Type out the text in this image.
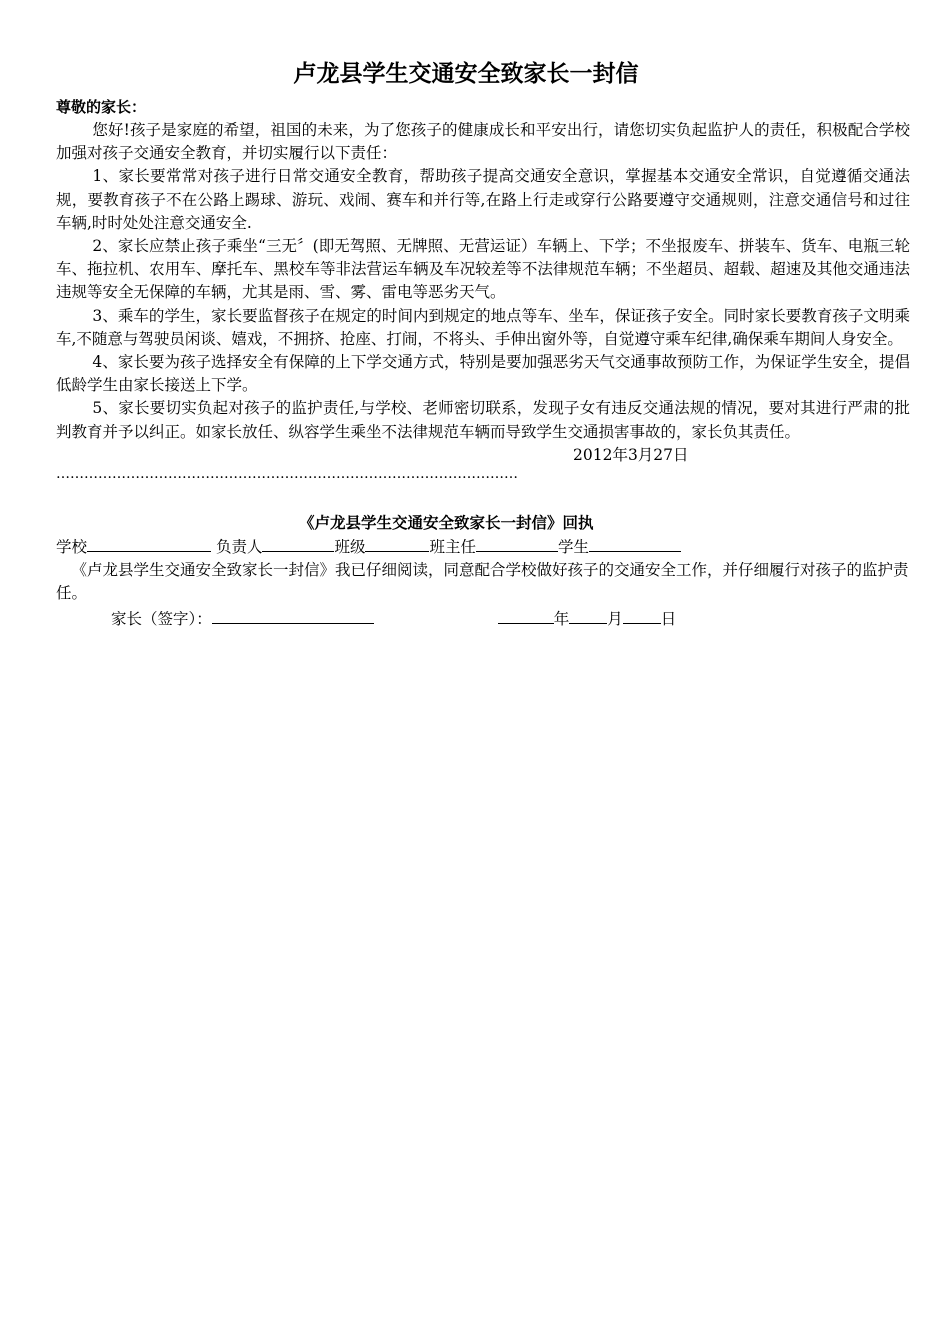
卢龙县学生交通安全致家长一封信

尊敬的家长：

您好!孩子是家庭的希望，祖国的未来，为了您孩子的健康成长和平安出行，请您切实负起监护人的责任，积极配合学校加强对孩子交通安全教育，并切实履行以下责任：

1、家长要常常对孩子进行日常交通安全教育，帮助孩子提高交通安全意识，掌握基本交通安全常识，自觉遵循交通法规，要教育孩子不在公路上踢球、游玩、戏闹、赛车和并行等,在路上行走或穿行公路要遵守交通规则，注意交通信号和过往车辆,时时处处注意交通安全.

2、家长应禁止孩子乘坐“三无〞(即无驾照、无牌照、无营运证）车辆上、下学；不坐报废车、拼装车、货车、电瓶三轮车、拖拉机、农用车、摩托车、黑校车等非法营运车辆及车况较差等不法律规范车辆；不坐超员、超载、超速及其他交通违法违规等安全无保障的车辆，尤其是雨、雪、雾、雷电等恶劣天气。

3、乘车的学生，家长要监督孩子在规定的时间内到规定的地点等车、坐车，保证孩子安全。同时家长要教育孩子文明乘车,不随意与驾驶员闲谈、嬉戏，不拥挤、抢座、打闹，不将头、手伸出窗外等，自觉遵守乘车纪律,确保乘车期间人身安全。

4、家长要为孩子选择安全有保障的上下学交通方式，特别是要加强恶劣天气交通事故预防工作，为保证学生安全，提倡低龄学生由家长接送上下学。

5、家长要切实负起对孩子的监护责任,与学校、老师密切联系，发现子女有违反交通法规的情况，要对其进行严肃的批判教育并予以纠正。如家长放任、纵容学生乘坐不法律规范车辆而导致学生交通损害事故的，家长负其责任。

2012年3月27日

………………………………………………………………………………………

《卢龙县学生交通安全致家长一封信》回执

学校	负责人	班级	班主任	学生

《卢龙县学生交通安全致家长一封信》我已仔细阅读，同意配合学校做好孩子的交通安全工作，并仔细履行对孩子的监护责任。

家长（签字）：	年 月 日
